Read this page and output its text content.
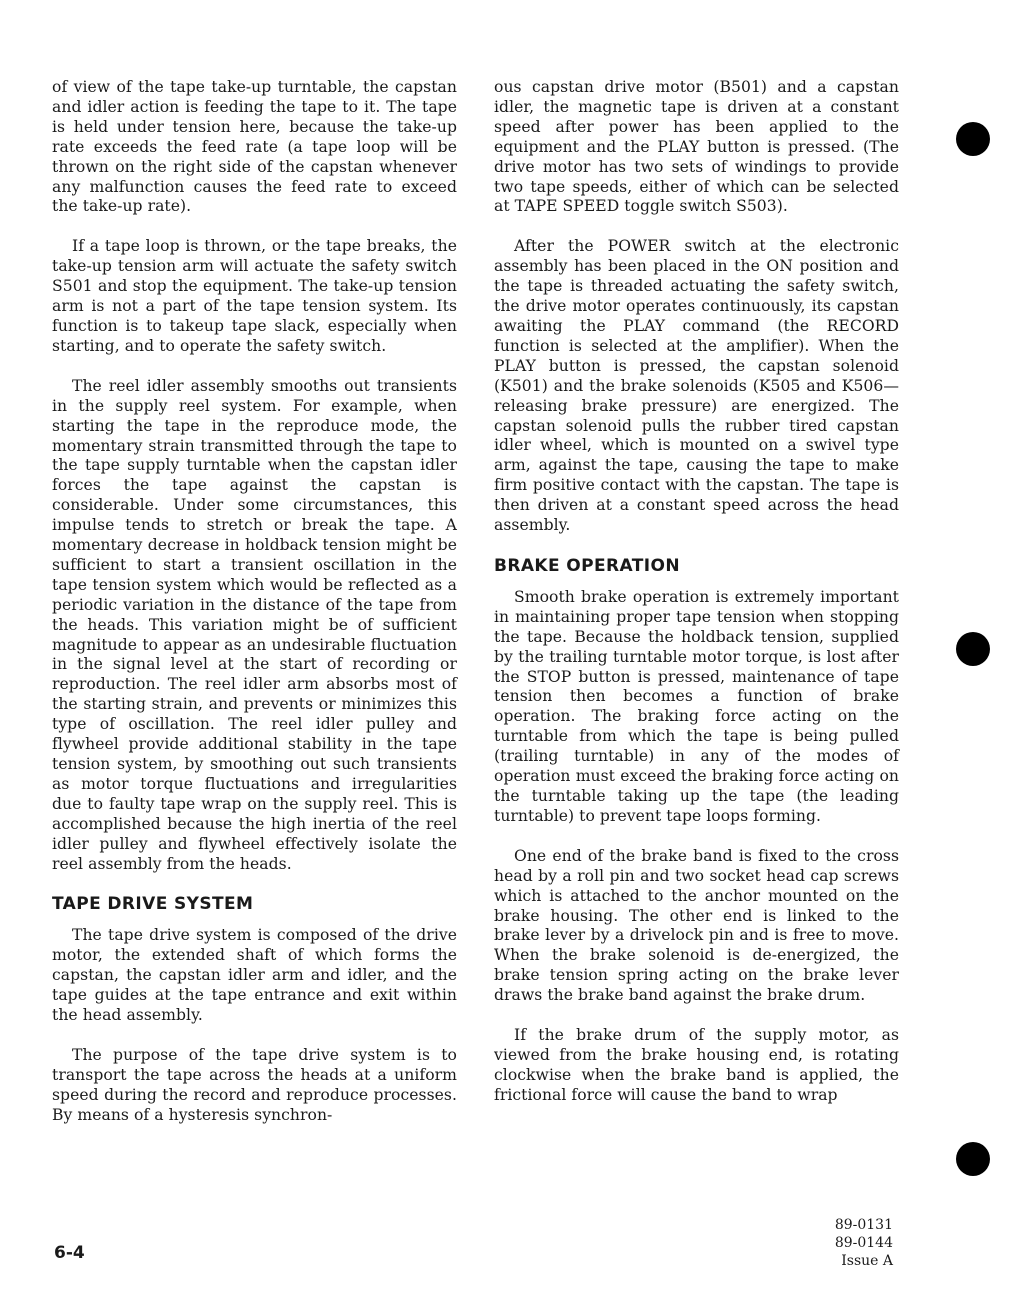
of view of the tape take-up turntable, the capstan and idler action is feeding the tape to it. The tape is held under tension here, because the take-up rate exceeds the feed rate (a tape loop will be thrown on the right side of the capstan whenever any malfunction causes the feed rate to exceed the take-up rate).

If a tape loop is thrown, or the tape breaks, the take-up tension arm will actuate the safety switch S501 and stop the equipment. The take-up tension arm is not a part of the tape tension system. Its function is to takeup tape slack, especially when starting, and to operate the safety switch.

The reel idler assembly smooths out transients in the supply reel system. For example, when starting the tape in the reproduce mode, the momentary strain transmitted through the tape to the tape supply turntable when the capstan idler forces the tape against the capstan is considerable. Under some circumstances, this impulse tends to stretch or break the tape. A momentary decrease in holdback tension might be sufficient to start a transient oscillation in the tape tension system which would be reflected as a periodic variation in the distance of the tape from the heads. This variation might be of sufficient magnitude to appear as an undesirable fluctuation in the signal level at the start of recording or reproduction. The reel idler arm absorbs most of the starting strain, and prevents or minimizes this type of oscillation. The reel idler pulley and flywheel provide additional stability in the tape tension system, by smoothing out such transients as motor torque fluctuations and irregularities due to faulty tape wrap on the supply reel. This is accomplished because the high inertia of the reel idler pulley and flywheel effectively isolate the reel assembly from the heads.

TAPE DRIVE SYSTEM

The tape drive system is composed of the drive motor, the extended shaft of which forms the capstan, the capstan idler arm and idler, and the tape guides at the tape entrance and exit within the head assembly.

The purpose of the tape drive system is to transport the tape across the heads at a uniform speed during the record and reproduce processes. By means of a hysteresis synchron-

ous capstan drive motor (B501) and a capstan idler, the magnetic tape is driven at a constant speed after power has been applied to the equipment and the PLAY button is pressed. (The drive motor has two sets of windings to provide two tape speeds, either of which can be selected at TAPE SPEED toggle switch S503).

After the POWER switch at the electronic assembly has been placed in the ON position and the tape is threaded actuating the safety switch, the drive motor operates continuously, its capstan awaiting the PLAY command (the RECORD function is selected at the amplifier). When the PLAY button is pressed, the capstan solenoid (K501) and the brake solenoids (K505 and K506—releasing brake pressure) are energized. The capstan solenoid pulls the rubber tired capstan idler wheel, which is mounted on a swivel type arm, against the tape, causing the tape to make firm positive contact with the capstan. The tape is then driven at a constant speed across the head assembly.

BRAKE OPERATION

Smooth brake operation is extremely important in maintaining proper tape tension when stopping the tape. Because the holdback tension, supplied by the trailing turntable motor torque, is lost after the STOP button is pressed, maintenance of tape tension then becomes a function of brake operation. The braking force acting on the turntable from which the tape is being pulled (trailing turntable) in any of the modes of operation must exceed the braking force acting on the turntable taking up the tape (the leading turntable) to prevent tape loops forming.

One end of the brake band is fixed to the cross head by a roll pin and two socket head cap screws which is attached to the anchor mounted on the brake housing. The other end is linked to the brake lever by a drivelock pin and is free to move. When the brake solenoid is de-energized, the brake tension spring acting on the brake lever draws the brake band against the brake drum.

If the brake drum of the supply motor, as viewed from the brake housing end, is rotating clockwise when the brake band is applied, the frictional force will cause the band to wrap

6-4
89-0131
89-0144
Issue A
